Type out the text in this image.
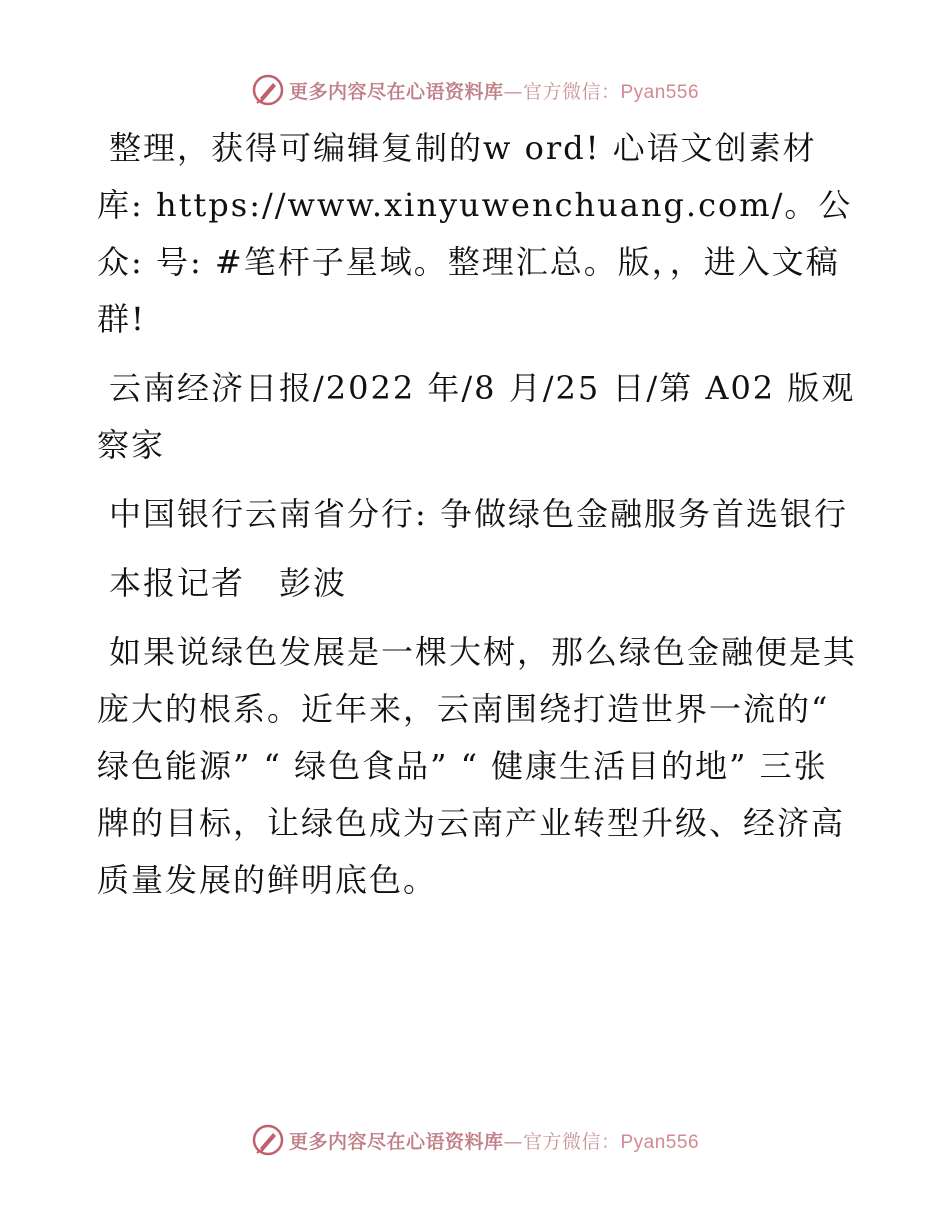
更多内容尽在心语资料库—官方微信：Pyan556

整理，获得可编辑复制的w ord! 心语文创素材库: https://www.xinyuwenchuang.com/。公众: 号: #笔杆子星域。整理汇总。版，，进入文稿群!

云南经济日报/2022 年/8 月/25 日/第 A02 版观察家

中国银行云南省分行: 争做绿色金融服务首选银行

本报记者　彭波

如果说绿色发展是一棵大树，那么绿色金融便是其庞大的根系。近年来，云南围绕打造世界一流的“ 绿色能源” “ 绿色食品” “ 健康生活目的地” 三张牌的目标，让绿色成为云南产业转型升级、经济高质量发展的鲜明底色。

更多内容尽在心语资料库—官方微信：Pyan556
